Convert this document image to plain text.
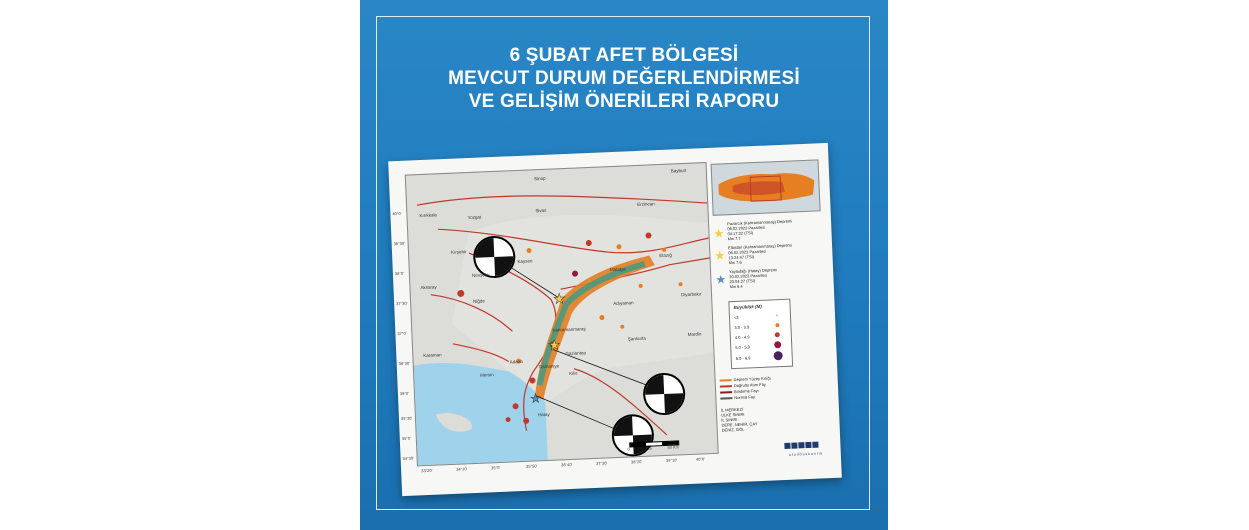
6 ŞUBAT AFET BÖLGESİ
MEVCUT DURUM DEĞERLENDİRMESİ
VE GELİŞİM ÖNERİLERİ RAPORU
★
★
★
Sinop
Bayburt
Kırıkkale	Yozgat
Sivas
Erzincan
Kırşehir
Kayseri
Malatya
Elazığ
Aksaray
Nevşehir
Niğde	Adıyaman
Diyarbakır
Kahramanmaraş
Şanlıurfa
Karaman	Gaziantep
Mardin
Mersin
Adana
Kilis
Osmaniye
Hatay
0	25	50 Km
40°0'
38°30'
38°0'
37°30'
37°0'
36°30'
36°0'
35°30'
35°0'
34°30'
33°20'	34°10'	35°0'	35°50'	36°40'	37°30'	38°20'	39°10'	40°0'
★
Pazarcık (Kahramanmaraş) Depremi
06.02.2023 Pazartesi
04:17:32 (TSİ)
Mw 7.7
★
Elbistan (Kahramanmaraş) Depremi
06.02.2023 Pazartesi
13:24:47 (TSİ)
Mw 7.6
★
Yayladağı (Hatay) Depremi
20.02.2023 Pazartesi
20:04:27 (TSİ)
Mw 6.4
Büyüklük (M)
<3
3.0 - 3.9
4.0 - 4.9
5.0 - 5.9
6.0 - 6.9
Deprem Yüzey Kırığı
Doğrultu Atım Fay
Bindirme Fayı
Normal Fay
İL MERKEZİ
ULKE SINIRI
İL SINIRI
DERE, NEHİR, ÇAY
DENİZ, GÖL
afadbaskanlik
